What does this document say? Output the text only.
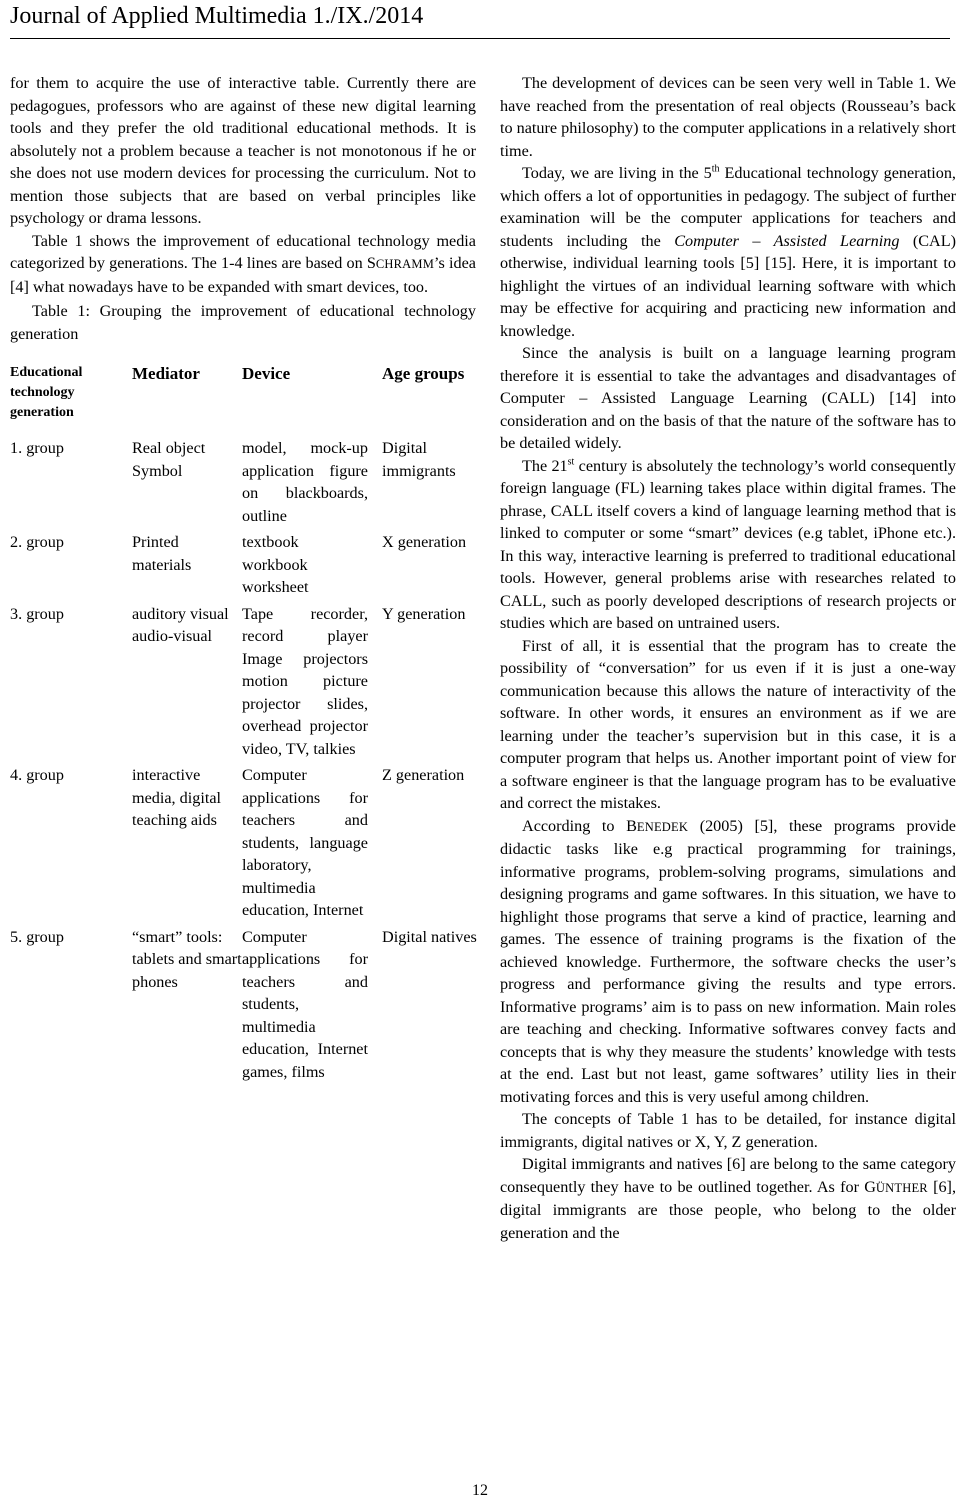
Journal of Applied Multimedia 1./IX./2014

for them to acquire the use of interactive table. Currently there are pedagogues, professors who are against of these new digital learning tools and they prefer the old traditional educational methods. It is absolutely not a problem because a teacher is not monotonous if he or she does not use modern devices for processing the curriculum. Not to mention those subjects that are based on verbal principles like psychology or drama lessons.

Table 1 shows the improvement of educational technology media categorized by generations. The 1-4 lines are based on SCHRAMM’s idea [4] what nowadays have to be expanded with smart devices, too.

Table 1: Grouping the improvement of educational technology generation

Educational technology generation	Mediator	Device	Age groups
1. group	Real object Symbol	model, mock-up application figure on blackboards, outline	Digital immigrants
2. group	Printed materials	textbook workbook worksheet	X generation
3. group	auditory visual audio-visual	Tape recorder, record player Image projectors motion picture projector slides, overhead projector video, TV, talkies	Y generation
4. group	interactive media, digital teaching aids	Computer applications for teachers and students, language laboratory, multimedia education, Internet	Z generation
5. group	“smart” tools: tablets and smart phones	Computer applications for teachers and students, multimedia education, Internet games, films	Digital natives

The development of devices can be seen very well in Table 1. We have reached from the presentation of real objects (Rousseau’s back to nature philosophy) to the computer applications in a relatively short time.

Today, we are living in the 5th Educational technology generation, which offers a lot of opportunities in pedagogy. The subject of further examination will be the computer applications for teachers and students including the Computer – Assisted Learning (CAL) otherwise, individual learning tools [5] [15]. Here, it is important to highlight the virtues of an individual learning software with which may be effective for acquiring and practicing new information and knowledge.

Since the analysis is built on a language learning program therefore it is essential to take the advantages and disadvantages of Computer – Assisted Language Learning (CALL) [14] into consideration and on the basis of that the nature of the software has to be detailed widely.

The 21st century is absolutely the technology’s world consequently foreign language (FL) learning takes place within digital frames. The phrase, CALL itself covers a kind of language learning method that is linked to computer or some “smart” devices (e.g tablet, iPhone etc.). In this way, interactive learning is preferred to traditional educational tools. However, general problems arise with researches related to CALL, such as poorly developed descriptions of research projects or studies which are based on untrained users.

First of all, it is essential that the program has to create the possibility of “conversation” for us even if it is just a one-way communication because this allows the nature of interactivity of the software. In other words, it ensures an environment as if we are learning under the teacher’s supervision but in this case, it is a computer program that helps us. Another important point of view for a software engineer is that the language program has to be evaluative and correct the mistakes.

According to BENEDEK (2005) [5], these programs provide didactic tasks like e.g practical programming for trainings, informative programs, problem-solving programs, simulations and designing programs and game softwares. In this situation, we have to highlight those programs that serve a kind of practice, learning and games. The essence of training programs is the fixation of the achieved knowledge. Furthermore, the software checks the user’s progress and performance giving the results and type errors. Informative programs’ aim is to pass on new information. Main roles are teaching and checking. Informative softwares convey facts and concepts that is why they measure the students’ knowledge with tests at the end. Last but not least, game softwares’ utility lies in their motivating forces and this is very useful among children.

The concepts of Table 1 has to be detailed, for instance digital immigrants, digital natives or X, Y, Z generation.

Digital immigrants and natives [6] are belong to the same category consequently they have to be outlined together. As for GÜNTHER [6], digital immigrants are those people, who belong to the older generation and the

12
